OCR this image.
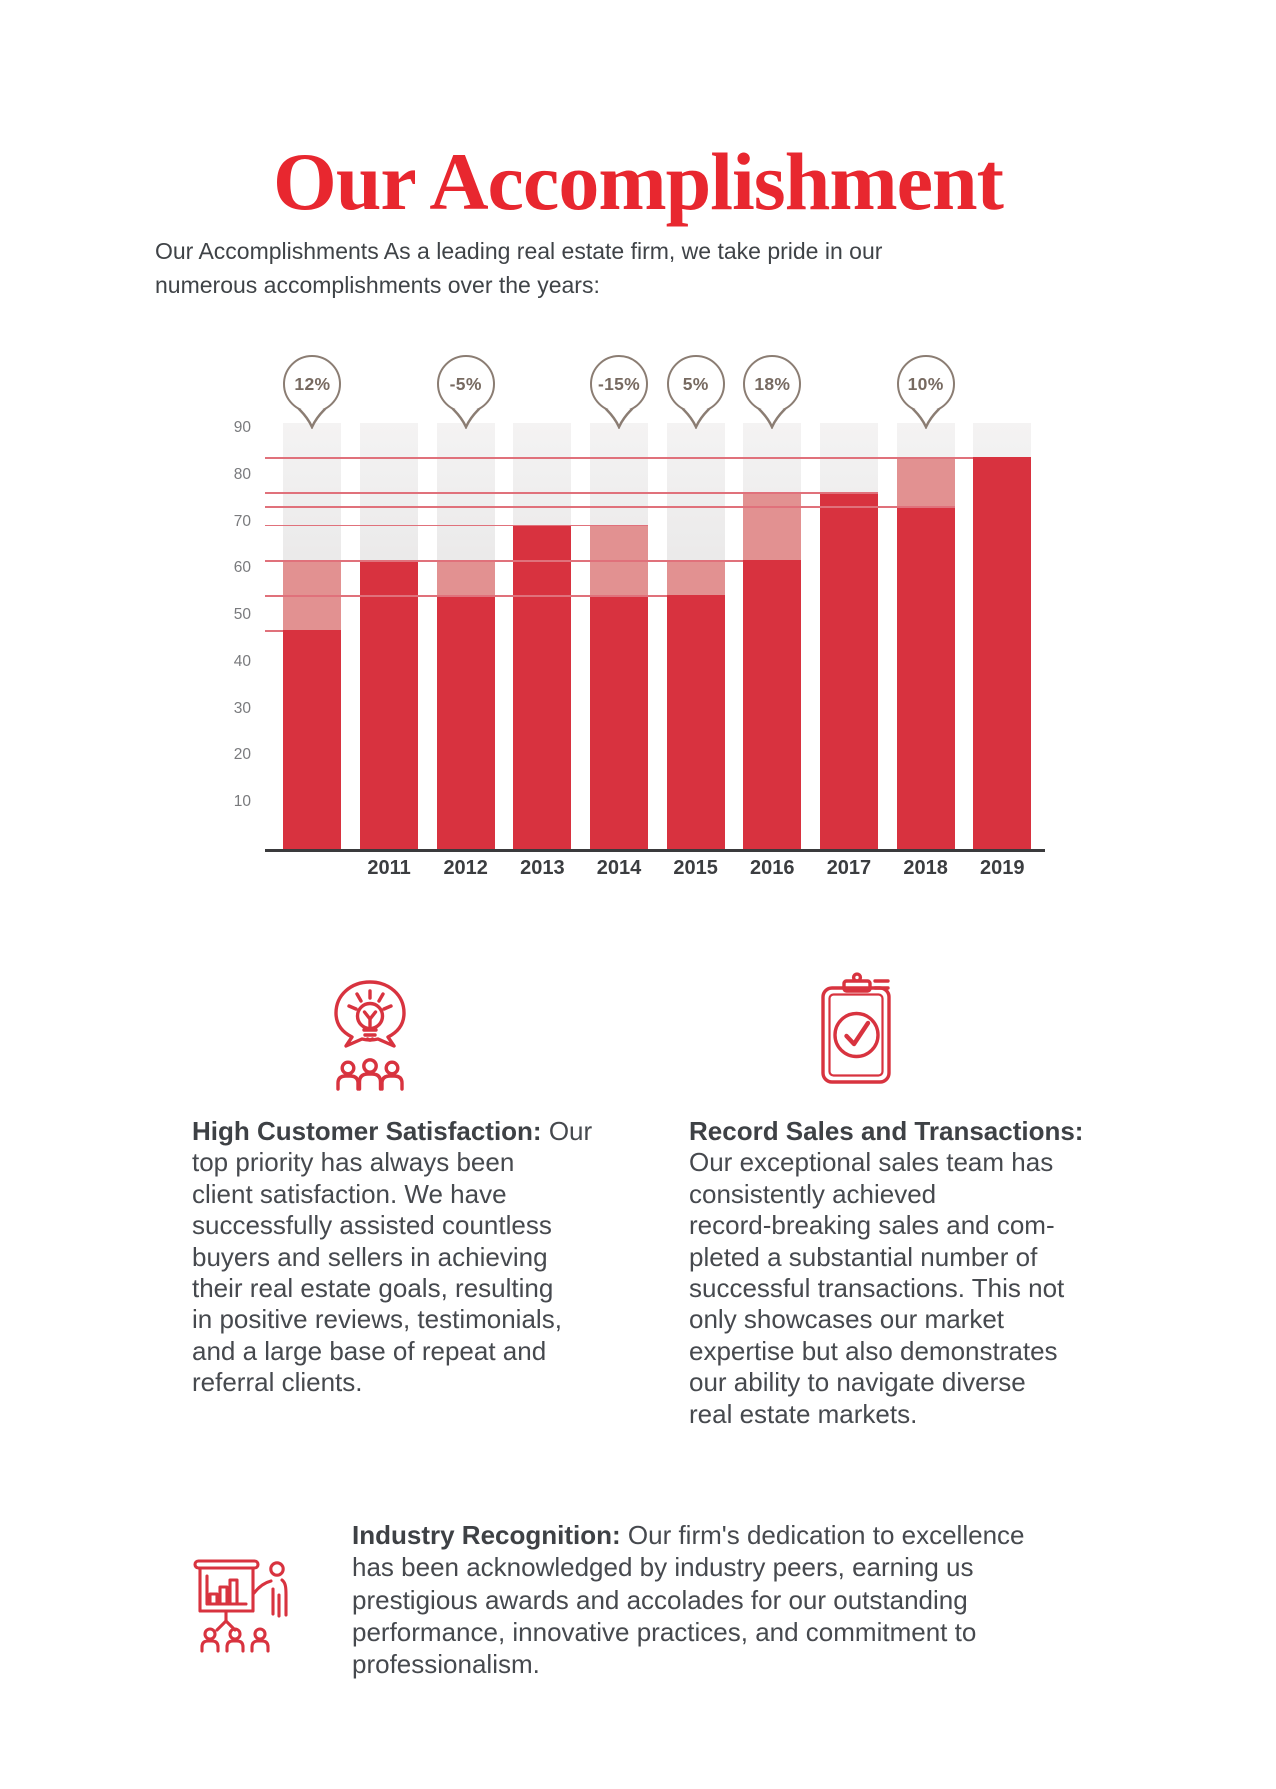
Our Accomplishment

Our Accomplishments As a leading real estate firm, we take pride in our numerous accomplishments over the years:

10
20
30
40
50
60
70
80
90
2011	2012	2013	2014	2015	2016	2017	2018	2019
12%	-5%	-15%	5%	18%	10%
High Customer Satisfaction: Our
top priority has always been
client satisfaction. We have
successfully assisted countless
buyers and sellers in achieving
their real estate goals, resulting
in positive reviews, testimonials,
and a large base of repeat and
referral clients.
Record Sales and Transactions:
Our exceptional sales team has
consistently achieved
record-breaking sales and com-
pleted a substantial number of
successful transactions. This not
only showcases our market
expertise but also demonstrates
our ability to navigate diverse
real estate markets.
Industry Recognition: Our firm's dedication to excellence
has been acknowledged by industry peers, earning us
prestigious awards and accolades for our outstanding
performance, innovative practices, and commitment to
professionalism.
